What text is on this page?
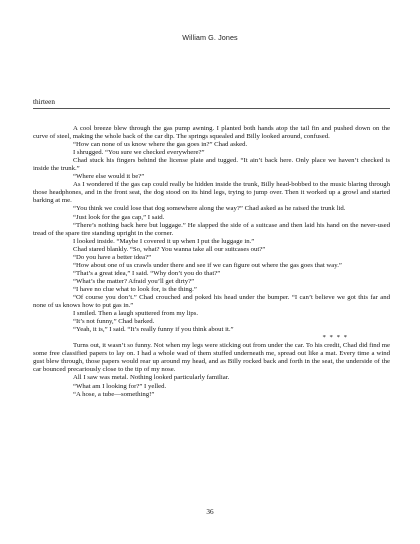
William G. Jones
thirteen

A cool breeze blew through the gas pump awning. I planted both hands atop the tail fin and pushed down on the curve of steel, making the whole back of the car dip. The springs squealed and Billy looked around, confused.

“How can none of us know where the gas goes in?” Chad asked.

I shrugged. “You sure we checked everywhere?”

Chad stuck his fingers behind the license plate and tugged. “It ain’t back here. Only place we haven’t checked is inside the trunk.”

“Where else would it be?”

As I wondered if the gas cap could really be hidden inside the trunk, Billy head-bobbed to the music blaring through those headphones, and in the front seat, the dog stood on its hind legs, trying to jump over. Then it worked up a growl and started barking at me.

“You think we could lose that dog somewhere along the way?” Chad asked as he raised the trunk lid.

“Just look for the gas cap,” I said.

“There’s nothing back here but luggage.” He slapped the side of a suitcase and then laid his hand on the never-used tread of the spare tire standing upright in the corner.

I looked inside. “Maybe I covered it up when I put the luggage in.”

Chad stared blankly. “So, what? You wanna take all our suitcases out?”

“Do you have a better idea?”

“How about one of us crawls under there and see if we can figure out where the gas goes that way.”

“That’s a great idea,” I said. “Why don’t you do that?”

“What’s the matter? Afraid you’ll get dirty?”

“I have no clue what to look for, is the thing.”

“Of course you don’t.” Chad crouched and poked his head under the bumper. “I can’t believe we got this far and none of us knows how to put gas in.”

I smiled. Then a laugh sputtered from my lips.

“It’s not funny,” Chad barked.

“Yeah, it is,” I said. “It’s really funny if you think about it.”

* * * *

Turns out, it wasn’t so funny. Not when my legs were sticking out from under the car. To his credit, Chad did find me some free classified papers to lay on. I had a whole wad of them stuffed underneath me, spread out like a mat. Every time a wind gust blew through, those papers would rear up around my head, and as Billy rocked back and forth in the seat, the underside of the car bounced precariously close to the tip of my nose.

All I saw was metal. Nothing looked particularly familiar.

“What am I looking for?” I yelled.

“A hose, a tube—something!”

36
